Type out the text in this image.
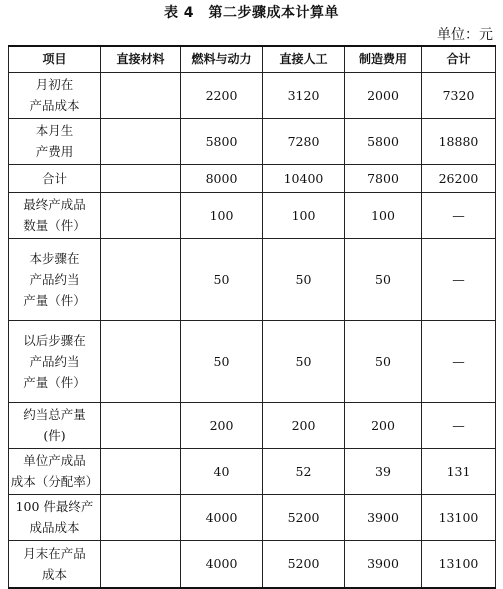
表 4　第二步骤成本计算单
单位：元
项目	直接材料	燃料与动力	直接人工	制造费用	合计

月初在
产品成本		2200	3120	2000	7320

本月生
产费用		5800	7280	5800	18880

合计		8000	10400	7800	26200

最终产成品
数量（件）		100	100	100	—

本步骤在
产品约当
产量（件）		50	50	50	—

以后步骤在
产品约当
产量（件）		50	50	50	—

约当总产量
(件)		200	200	200	—

单位产成品
成本（分配率）		40	52	39	131

100 件最终产
成品成本		4000	5200	3900	13100

月末在产品
成本		4000	5200	3900	13100
